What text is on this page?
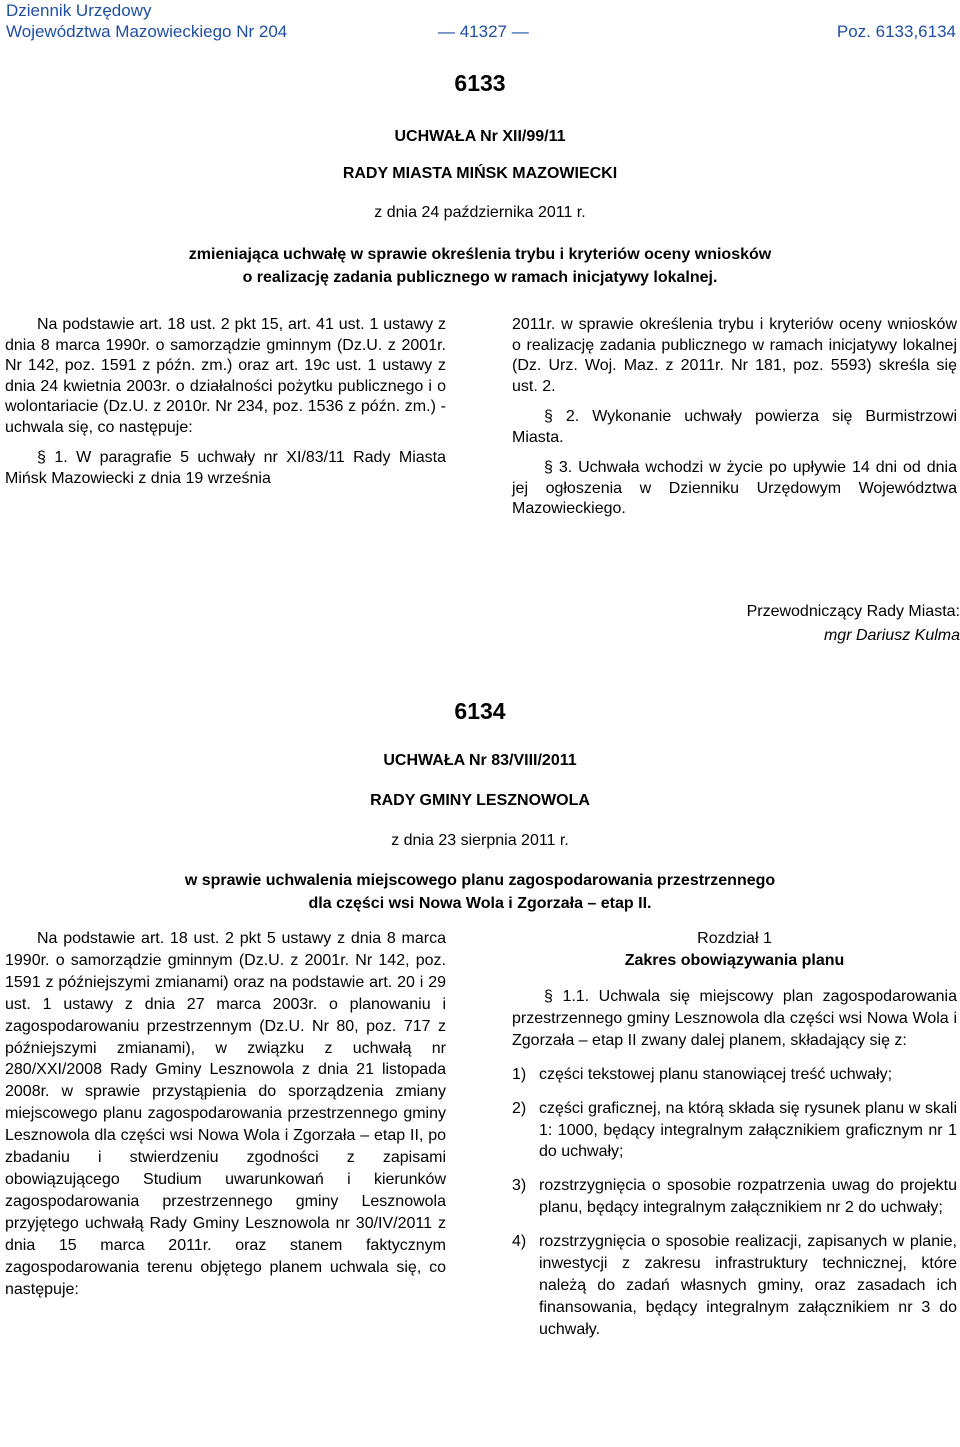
Dziennik Urzędowy
Województwa Mazowieckiego Nr 204	Poz. 6133,6134
— 41327 —
6133
UCHWAŁA Nr XII/99/11
RADY MIASTA MIŃSK MAZOWIECKI
z dnia 24 października 2011 r.
zmieniająca uchwałę w sprawie określenia trybu i kryteriów oceny wniosków
o realizację zadania publicznego w ramach inicjatywy lokalnej.

Na podstawie art. 18 ust. 2 pkt 15, art. 41 ust. 1 ustawy z dnia 8 marca 1990r. o samorządzie gminnym (Dz.U. z 2001r. Nr 142, poz. 1591 z późn. zm.) oraz art. 19c ust. 1 ustawy z dnia 24 kwietnia 2003r. o działalności pożytku publicznego i o wolontariacie (Dz.U. z 2010r. Nr 234, poz. 1536 z późn. zm.) - uchwala się, co następuje:

§ 1. W paragrafie 5 uchwały nr XI/83/11 Rady Miasta Mińsk Mazowiecki z dnia 19 września

2011r. w sprawie określenia trybu i kryteriów oceny wniosków o realizację zadania publicznego w ramach inicjatywy lokalnej (Dz. Urz. Woj. Maz. z 2011r. Nr 181, poz. 5593) skreśla się ust. 2.

§ 2. Wykonanie uchwały powierza się Burmistrzowi Miasta.

§ 3. Uchwała wchodzi w życie po upływie 14 dni od dnia jej ogłoszenia w Dzienniku Urzędowym Województwa Mazowieckiego.

Przewodniczący Rady Miasta:
mgr Dariusz Kulma
6134
UCHWAŁA Nr 83/VIII/2011
RADY GMINY LESZNOWOLA
z dnia 23 sierpnia 2011 r.
w sprawie uchwalenia miejscowego planu zagospodarowania przestrzennego
dla części wsi Nowa Wola i Zgorzała – etap II.

Na podstawie art. 18 ust. 2 pkt 5 ustawy z dnia 8 marca 1990r. o samorządzie gminnym (Dz.U. z 2001r. Nr 142, poz. 1591 z późniejszymi zmianami) oraz na podstawie art. 20 i 29 ust. 1 ustawy z dnia 27 marca 2003r. o planowaniu i zagospodarowaniu przestrzennym (Dz.U. Nr 80, poz. 717 z późniejszymi zmianami), w związku z uchwałą nr 280/XXI/2008 Rady Gminy Lesznowola z dnia 21 listopada 2008r. w sprawie przystąpienia do sporządzenia zmiany miejscowego planu zagospodarowania przestrzennego gminy Lesznowola dla części wsi Nowa Wola i Zgorzała – etap II, po zbadaniu i stwierdzeniu zgodności z zapisami obowiązującego Studium uwarunkowań i kierunków zagospodarowania przestrzennego gminy Lesznowola przyjętego uchwałą Rady Gminy Lesznowola nr 30/IV/2011 z dnia 15 marca 2011r. oraz stanem faktycznym zagospodarowania terenu objętego planem uchwala się, co następuje:

Rozdział 1
Zakres obowiązywania planu

§ 1.1. Uchwala się miejscowy plan zagospodarowania przestrzennego gminy Lesznowola dla części wsi Nowa Wola i Zgorzała – etap II zwany dalej planem, składający się z:

1) części tekstowej planu stanowiącej treść uchwały;
2) części graficznej, na którą składa się rysunek planu w skali 1: 1000, będący integralnym załącznikiem graficznym nr 1 do uchwały;
3) rozstrzygnięcia o sposobie rozpatrzenia uwag do projektu planu, będący integralnym załącznikiem nr 2 do uchwały;
4) rozstrzygnięcia o sposobie realizacji, zapisanych w planie, inwestycji z zakresu infrastruktury technicznej, które należą do zadań własnych gminy, oraz zasadach ich finansowania, będący integralnym załącznikiem nr 3 do uchwały.
